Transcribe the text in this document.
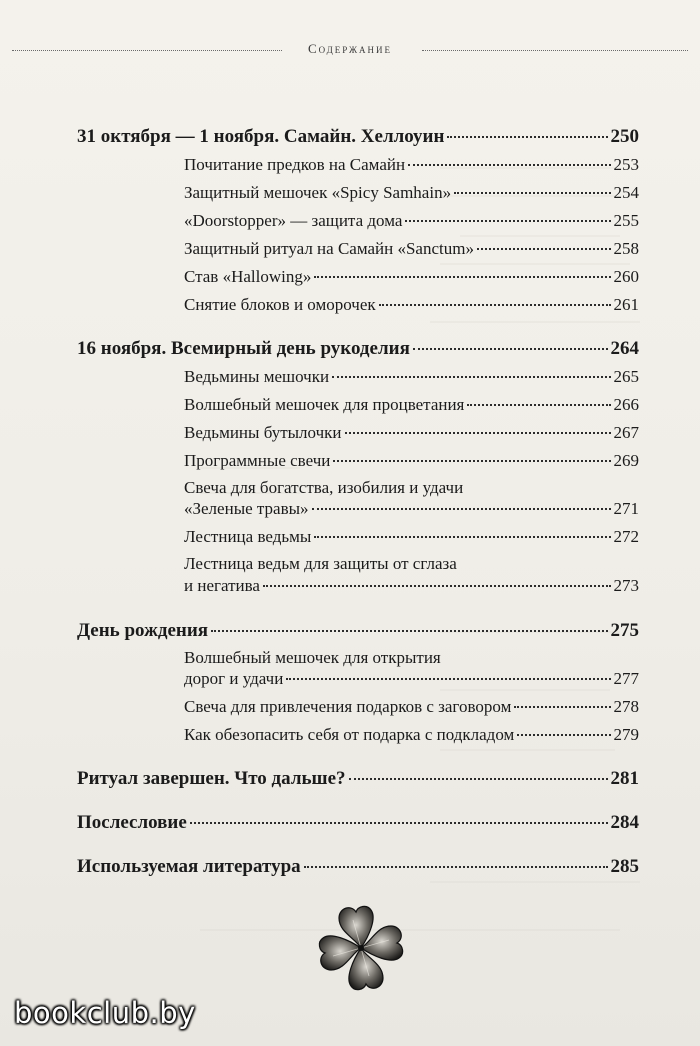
Содержание
31 октября — 1 ноября. Самайн. Хеллоуин	250
Почитание предков на Самайн	253
Защитный мешочек «Spicy Samhain»	254
«Doorstopper» — защита дома	255
Защитный ритуал на Самайн «Sanctum»	258
Став «Hallowing»	260
Снятие блоков и оморочек	261
16 ноября. Всемирный день рукоделия	264
Ведьмины мешочки	265
Волшебный мешочек для процветания	266
Ведьмины бутылочки	267
Программные свечи	269
Свеча для богатства, изобилия и удачи
«Зеленые травы»	271
Лестница ведьмы	272
Лестница ведьм для защиты от сглаза
и негатива	273
День рождения	275
Волшебный мешочек для открытия
дорог и удачи	277
Свеча для привлечения подарков с заговором	278
Как обезопасить себя от подарка с подкладом	279
Ритуал завершен. Что дальше?	281
Послесловие	284
Используемая литература	285
bookclub.by
